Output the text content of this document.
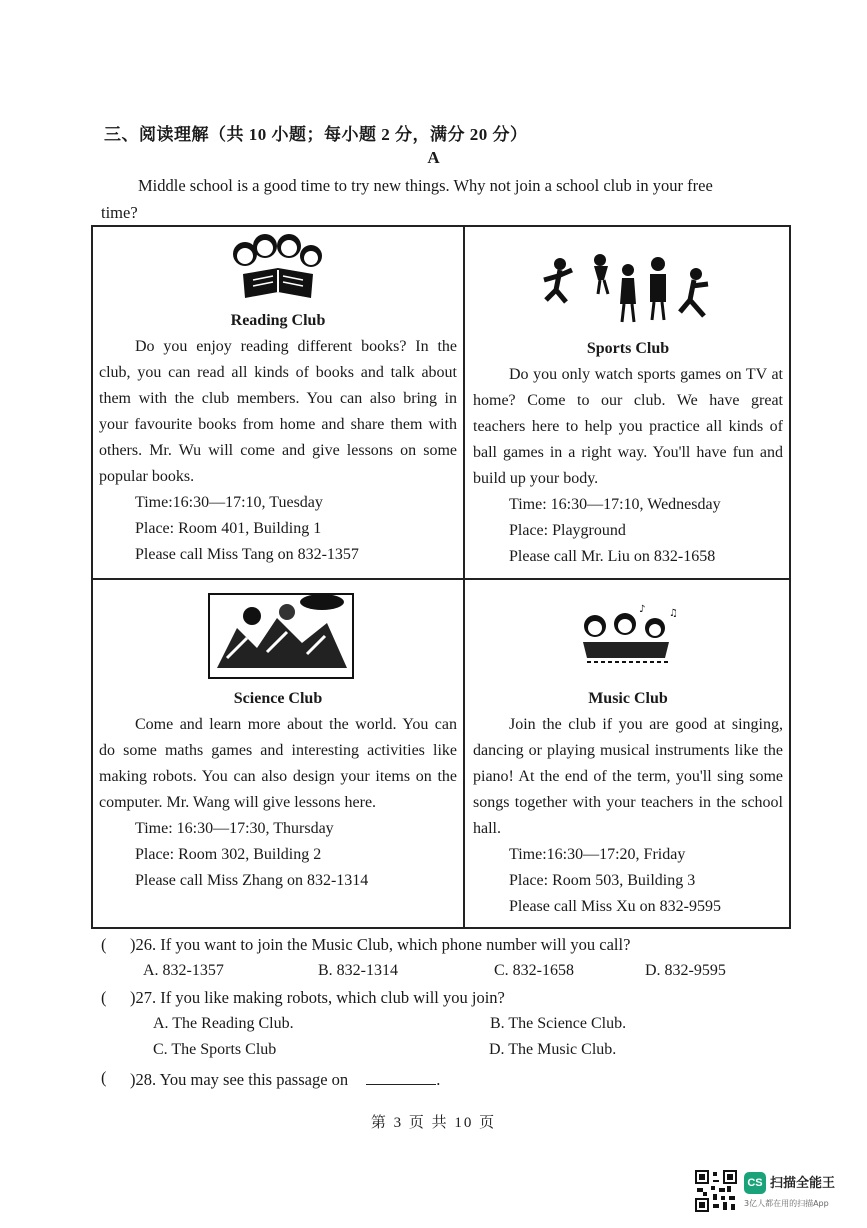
三、阅读理解（共 10 小题；每小题 2 分，满分 20 分）
A
Middle school is a good time to try new things. Why not join a school club in your free
time?
Reading Club
Do you enjoy reading different books? In the club, you can read all kinds of books and talk about them with the club members. You can also bring in your favourite books from home and share them with others. Mr. Wu will come and give lessons on some popular books.
Time:16:30—17:10, Tuesday
Place: Room 401, Building 1
Please call Miss Tang on 832-1357
Sports Club
Do you only watch sports games on TV at home? Come to our club. We have great teachers here to help you practice all kinds of ball games in a right way. You'll have fun and build up your body.
Time: 16:30—17:10, Wednesday
Place: Playground
Please call Mr. Liu on 832-1658
Science Club
Come and learn more about the world. You can do some maths games and interesting activities like making robots. You can also design your items on the computer. Mr. Wang will give lessons here.
Time: 16:30—17:30, Thursday
Place: Room 302, Building 2
Please call Miss Zhang on 832-1314
♪ ♫
Music Club
Join the club if you are good at singing, dancing or playing musical instruments like the piano! At the end of the term, you'll sing some songs together with your teachers in the school hall.
Time:16:30—17:20, Friday
Place: Room 503, Building 3
Please call Miss Xu on 832-9595
( )26. If you want to join the Music Club, which phone number will you call?
A. 832-1357	B. 832-1314	C. 832-1658	D. 832-9595
( )27. If you like making robots, which club will you join?
A. The Reading Club.	B. The Science Club.
C. The Sports Club	D. The Music Club.
( )28. You may see this passage on	.
第 3 页 共 10 页
CS 扫描全能王
3亿人都在用的扫描App
